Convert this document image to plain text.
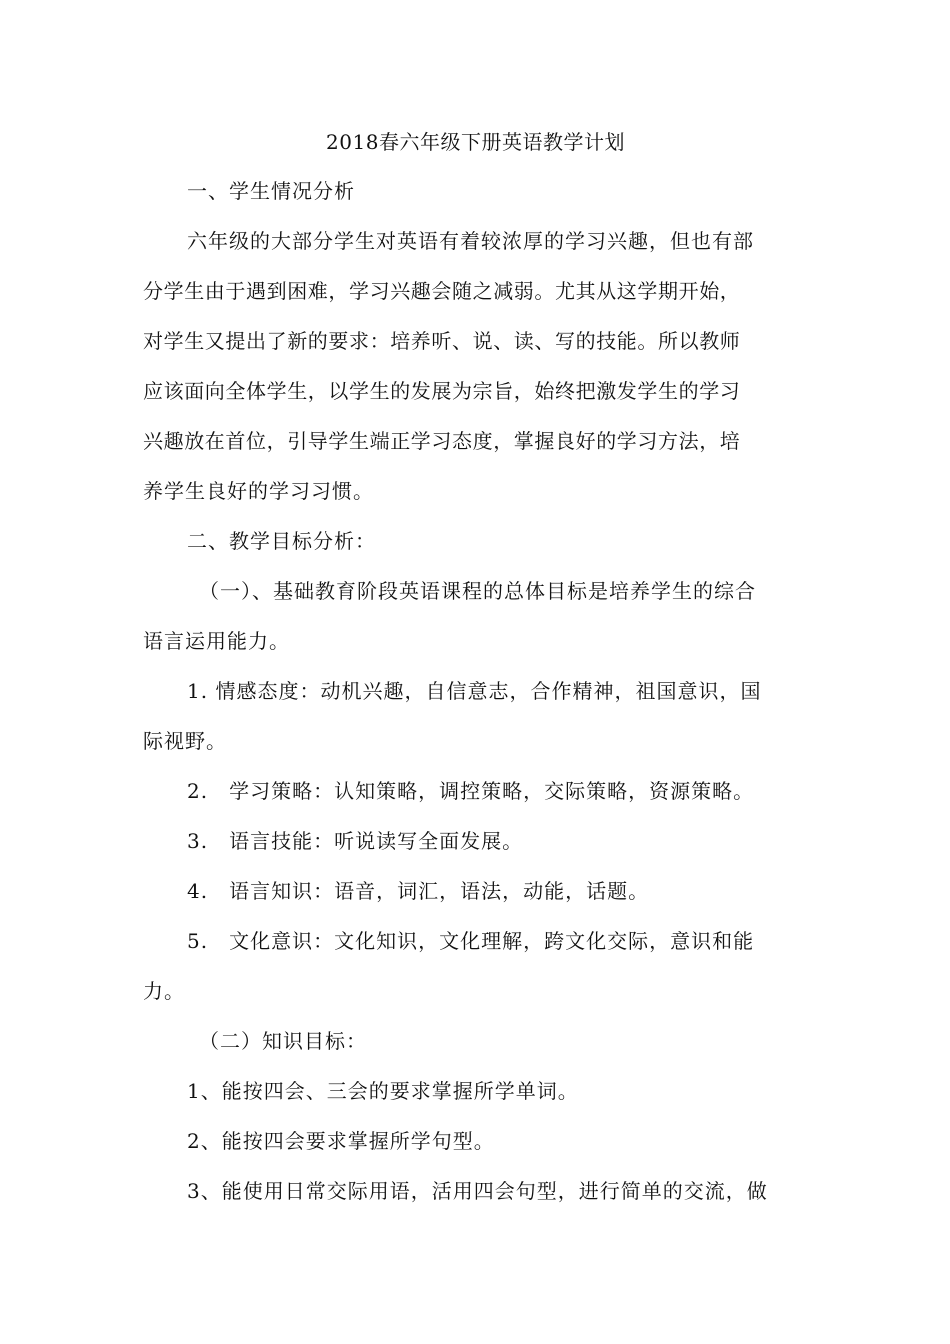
2018春六年级下册英语教学计划

一、学生情况分析

六年级的大部分学生对英语有着较浓厚的学习兴趣，但也有部

分学生由于遇到困难，学习兴趣会随之减弱。尤其从这学期开始，

对学生又提出了新的要求：培养听、说、读、写的技能。所以教师

应该面向全体学生，以学生的发展为宗旨，始终把激发学生的学习

兴趣放在首位，引导学生端正学习态度，掌握良好的学习方法，培

养学生良好的学习习惯。

二、教学目标分析：

（一）、基础教育阶段英语课程的总体目标是培养学生的综合

语言运用能力。

1. 情感态度：动机兴趣，自信意志，合作精神，祖国意识，国

际视野。

2.　学习策略：认知策略，调控策略，交际策略，资源策略。

3.　语言技能：听说读写全面发展。

4.　语言知识：语音，词汇，语法，动能，话题。

5.　文化意识：文化知识，文化理解，跨文化交际，意识和能

力。

（二）知识目标：

1、能按四会、三会的要求掌握所学单词。

2、能按四会要求掌握所学句型。

3、能使用日常交际用语，活用四会句型，进行简单的交流，做
